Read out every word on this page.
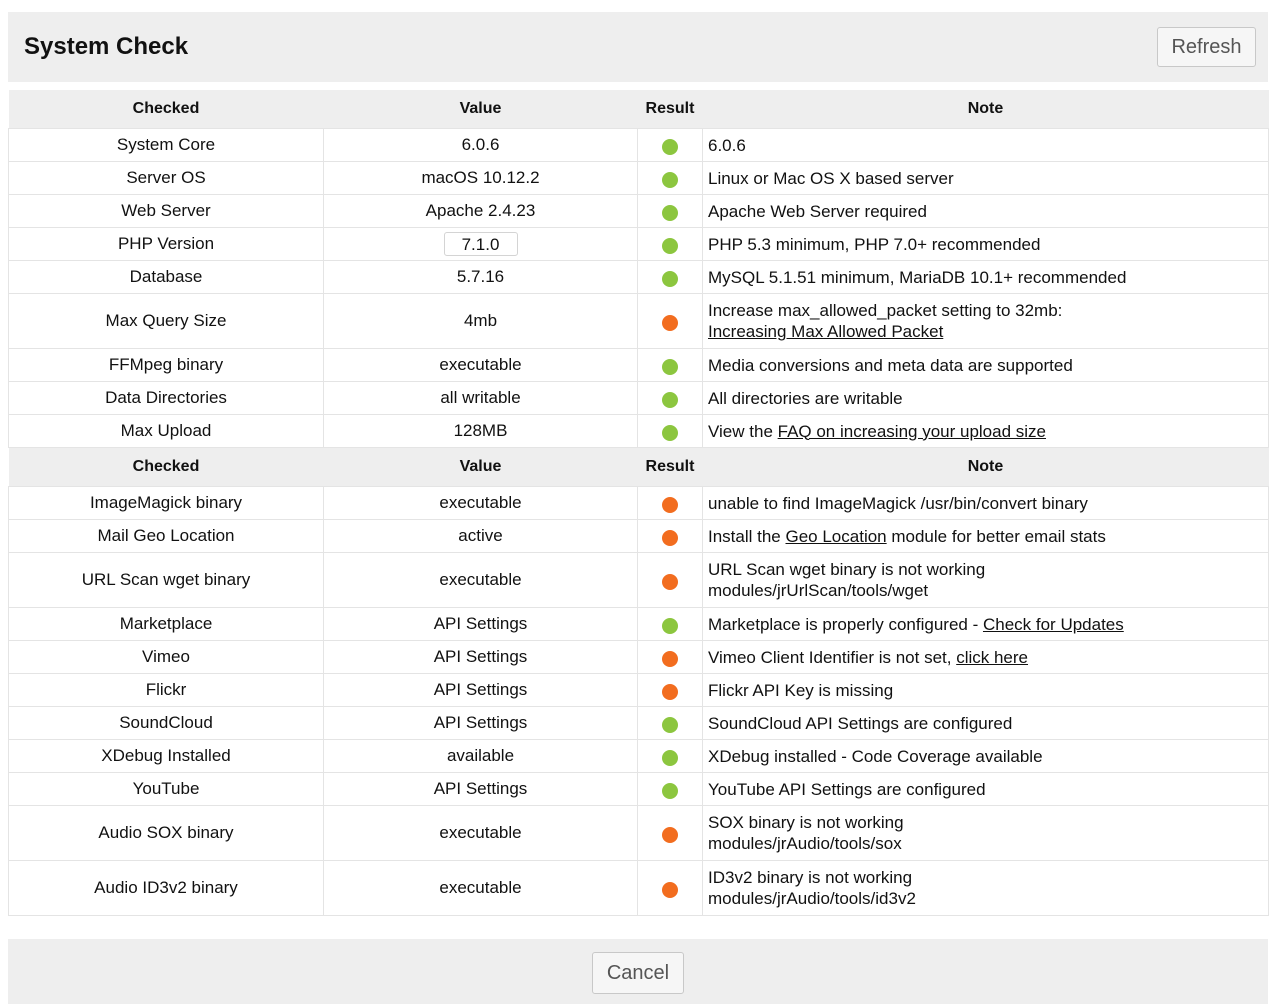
System Check	Refresh
Checked	Value	Result	Note
System Core	6.0.6		6.0.6
Server OS	macOS 10.12.2		Linux or Mac OS X based server
Web Server	Apache 2.4.23		Apache Web Server required
PHP Version	7.1.0		PHP 5.3 minimum, PHP 7.0+ recommended
Database	5.7.16		MySQL 5.1.51 minimum, MariaDB 10.1+ recommended
Max Query Size	4mb		Increase max_allowed_packet setting to 32mb:
Increasing Max Allowed Packet
FFMpeg binary	executable		Media conversions and meta data are supported
Data Directories	all writable		All directories are writable
Max Upload	128MB		View the FAQ on increasing your upload size
Checked	Value	Result	Note
ImageMagick binary	executable		unable to find ImageMagick /usr/bin/convert binary
Mail Geo Location	active		Install the Geo Location module for better email stats
URL Scan wget binary	executable		URL Scan wget binary is not working
modules/jrUrlScan/tools/wget
Marketplace	API Settings		Marketplace is properly configured - Check for Updates
Vimeo	API Settings		Vimeo Client Identifier is not set, click here
Flickr	API Settings		Flickr API Key is missing
SoundCloud	API Settings		SoundCloud API Settings are configured
XDebug Installed	available		XDebug installed - Code Coverage available
YouTube	API Settings		YouTube API Settings are configured
Audio SOX binary	executable		SOX binary is not working
modules/jrAudio/tools/sox
Audio ID3v2 binary	executable		ID3v2 binary is not working
modules/jrAudio/tools/id3v2
Cancel
